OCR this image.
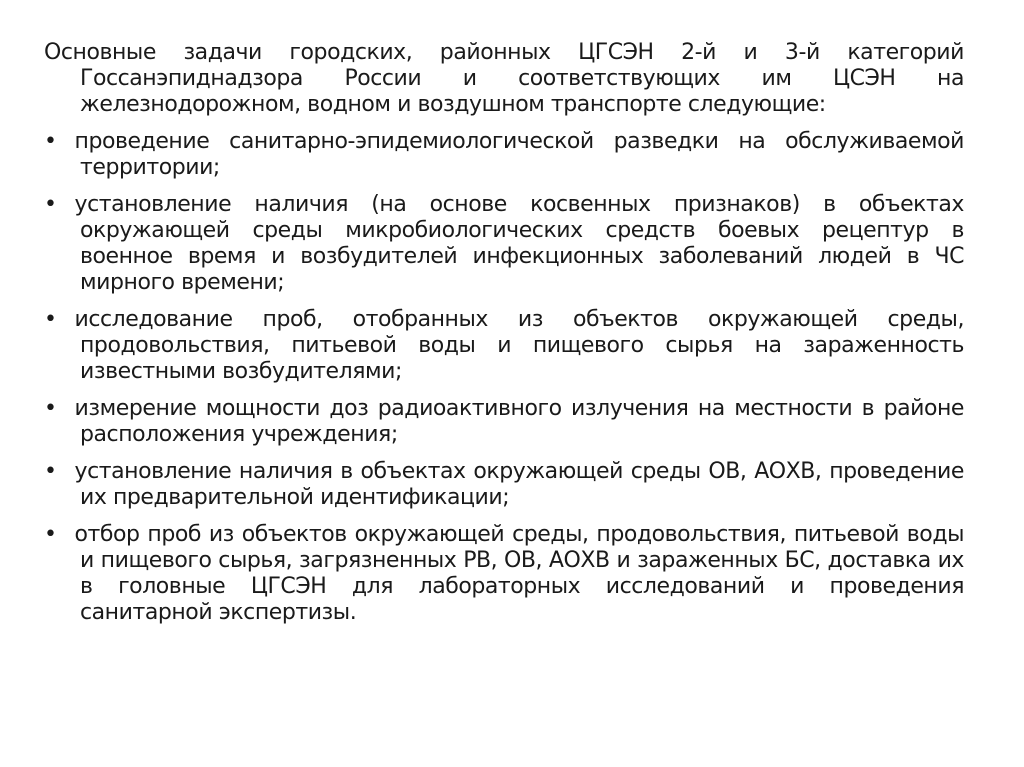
Основные задачи городских, районных ЦГСЭН 2-й и 3-й категорий Госсанэпиднадзора России и соответствующих им ЦСЭН на железнодорожном, водном и воздушном транспорте следующие:

• проведение санитарно-эпидемиологической разведки на обслуживаемой территории;

• установление наличия (на основе косвенных признаков) в объектах окружающей среды микробиологических средств боевых рецептур в военное время и возбудителей инфекционных заболеваний людей в ЧС мирного времени;

• исследование проб, отобранных из объектов окружающей среды, продовольствия, питьевой воды и пищевого сырья на зараженность известными возбудителями;

• измерение мощности доз радиоактивного излучения на местности в районе расположения учреждения;

• установление наличия в объектах окружающей среды ОВ, АОХВ, проведение их предварительной идентификации;

• отбор проб из объектов окружающей среды, продовольствия, питьевой воды и пищевого сырья, загрязненных РВ, ОВ, АОХВ и зараженных БС, доставка их в головные ЦГСЭН для лабораторных исследований и проведения санитарной экспертизы.
